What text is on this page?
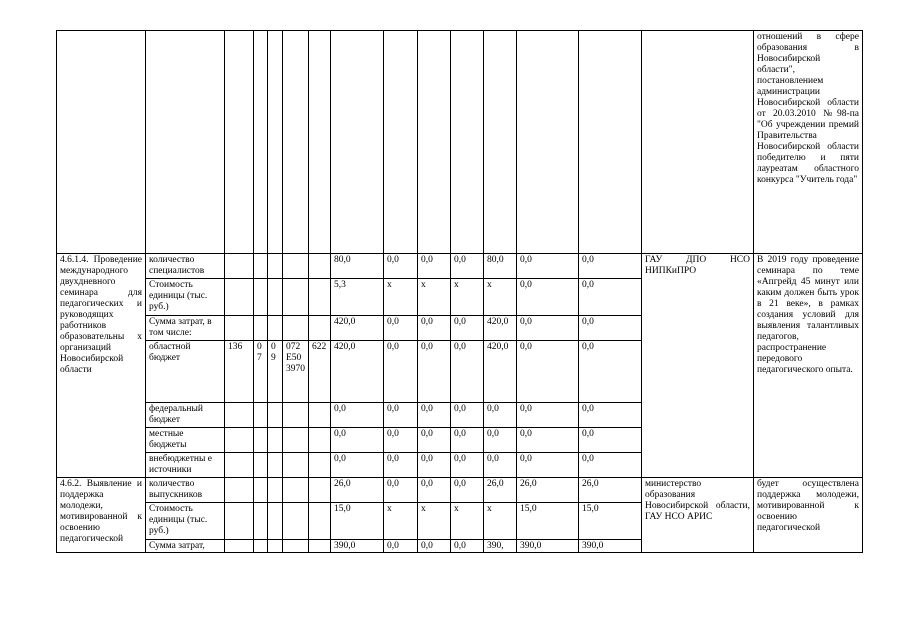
															отношений в сфере образования в Новосибирской области", постановлением администрации Новосибирской области от 20.03.2010 №98-па "Об учреждении премий Правительства Новосибирской области победителю и пяти лауреатам областного конкурса "Учитель года"
4.6.1.4. Проведение международного двухдневного семинара для педагогических и руководящих работников образовательны х организаций Новосибирской области	количество специалистов						80,0	0,0	0,0	0,0	80,0	0,0	0,0	ГАУ ДПО НСО НИПКиПРО	В 2019 году проведение семинара по теме «Апгрейд 45 минут или каким должен быть урок в 21 веке», в рамках создания условий для выявления талантливых педагогов, распространение передового педагогического опыта.
	Стоимость единицы (тыс. руб.)						5,3	х	х	х	х	0,0	0,0		
	Сумма затрат, в том числе:						420,0	0,0	0,0	0,0	420,0	0,0	0,0		
	областной бюджет	136	07	09	072E503970	622	420,0	0,0	0,0	0,0	420,0	0,0	0,0		
	федеральный бюджет						0,0	0,0	0,0	0,0	0,0	0,0	0,0		
	местные бюджеты						0,0	0,0	0,0	0,0	0,0	0,0	0,0		
	внебюджетны е источники						0,0	0,0	0,0	0,0	0,0	0,0	0,0		
4.6.2. Выявление и поддержка молодежи, мотивированной к освоению педагогической	количество выпускников						26,0	0,0	0,0	0,0	26,0	26,0	26,0	министерство образования Новосибирской области, ГАУ НСО АРИС	будет осуществлена поддержка молодежи, мотивированной к освоению педагогической
	Стоимость единицы (тыс. руб.)						15,0	х	х	х	х	15,0	15,0		
	Сумма затрат,						390,0	0,0	0,0	0,0	390,	390,0	390,0		
